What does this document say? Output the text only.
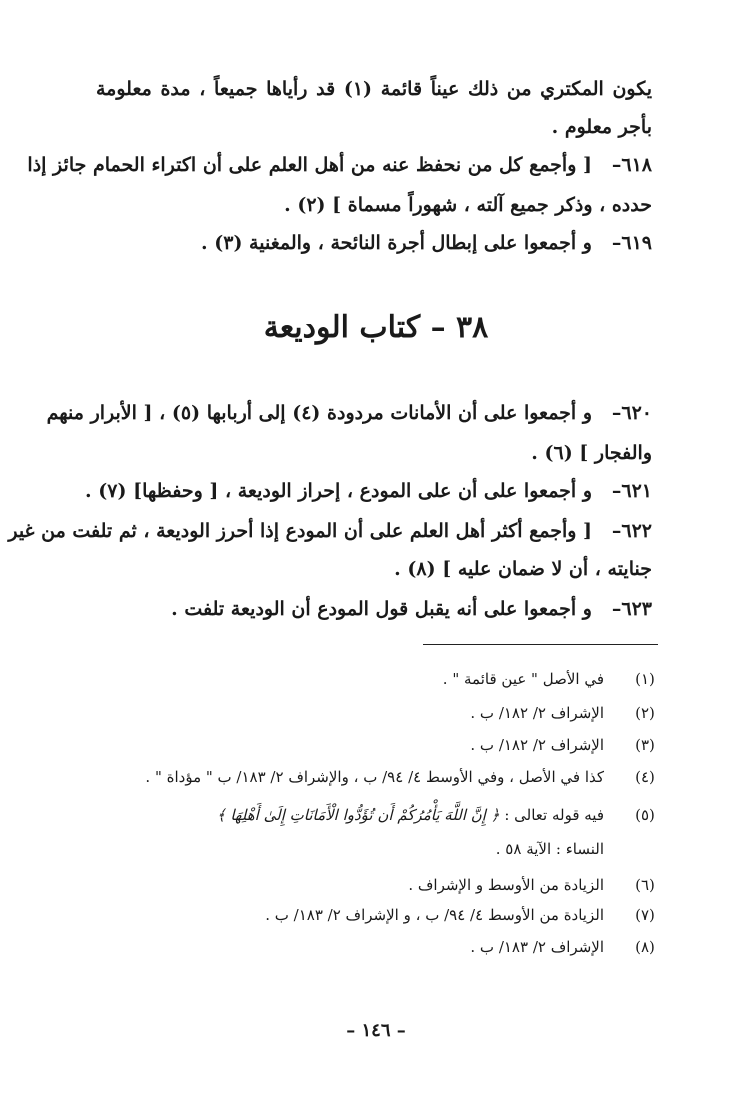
يكون المكتري من ذلك عيناً قائمة (١) قد رأياها جميعاً ، مدة معلومة
بأجر معلوم .
٦١٨–
[ وأجمع كل من نحفظ عنه من أهل العلم على أن اكتراء الحمام جائز إذا
حدده ، وذكر جميع آلته ، شهوراً مسماة ] (٢) .
٦١٩–
و أجمعوا على إبطال أجرة النائحة ، والمغنية (٣) .
٣٨ – كتاب الوديعة
٦٢٠–
و أجمعوا على أن الأمانات مردودة (٤) إلى أربابها (٥) ، [ الأبرار منهم
والفجار ] (٦) .
٦٢١–
و أجمعوا على أن على المودع ، إحراز الوديعة ، [ وحفظها] (٧) .
٦٢٢–
[ وأجمع أكثر أهل العلم على أن المودع إذا أحرز الوديعة ، ثم تلفت من غير
جنايته ، أن لا ضمان عليه ] (٨) .
٦٢٣–
و أجمعوا على أنه يقبل قول المودع أن الوديعة تلفت .
(١)
في الأصل " عين قائمة " .
(٢)
الإشراف ٢/ ١٨٢/ ب .
(٣)
الإشراف ٢/ ١٨٢/ ب .
(٤)
كذا في الأصل ، وفي الأوسط ٤/ ٩٤/ ب ، والإشراف ٢/ ١٨٣/ ب " مؤداة " .
(٥)
فيه قوله تعالى : ﴿ إِنَّ اللَّهَ يَأْمُرُكُمْ أَن تُؤَدُّوا الْأَمَانَاتِ إِلَىٰ أَهْلِهَا ﴾
النساء : الآية ٥٨ .
(٦)
الزيادة من الأوسط و الإشراف .
(٧)
الزيادة من الأوسط ٤/ ٩٤/ ب ، و الإشراف ٢/ ١٨٣/ ب .
(٨)
الإشراف ٢/ ١٨٣/ ب .
– ١٤٦ –
